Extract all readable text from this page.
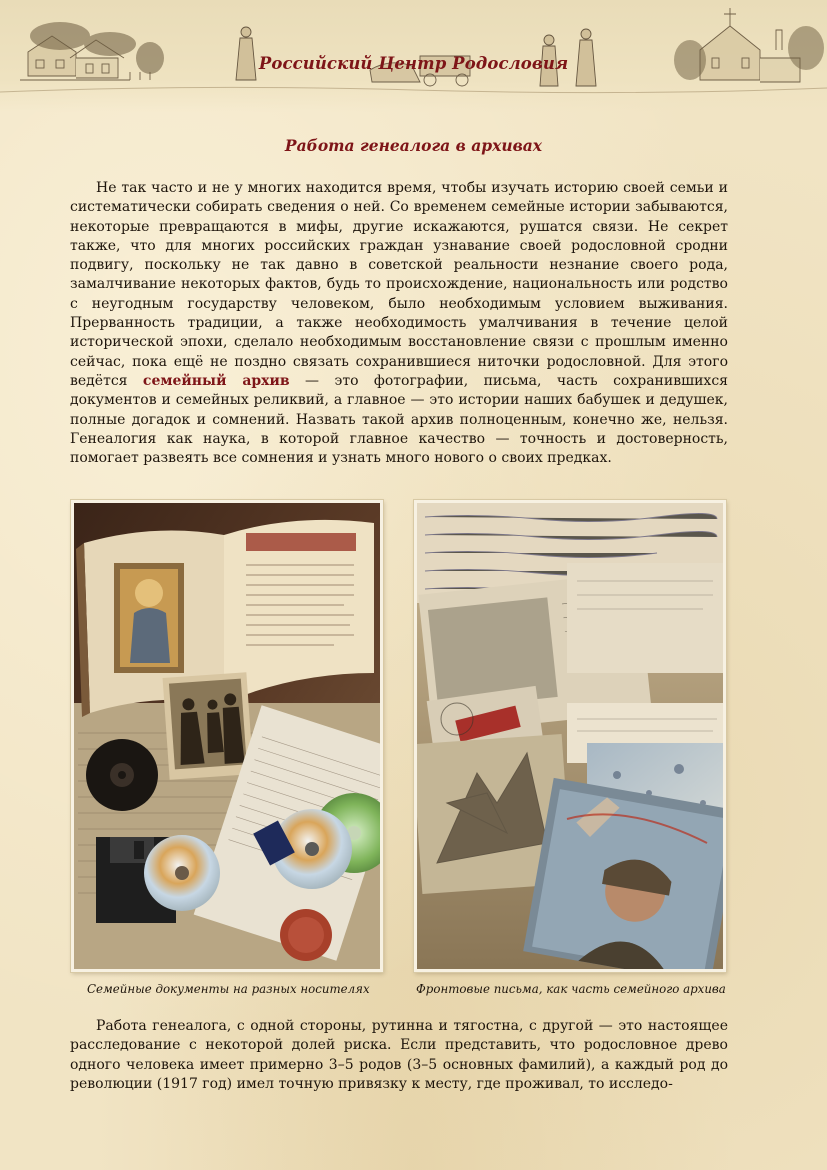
Российский Центр Родословия
Работа генеалога в архивах

Не так часто и не у многих находится время, чтобы изучать историю своей семьи и систематически собирать сведения о ней. Со временем семейные истории забываются, некоторые превращаются в мифы, другие искажаются, рушатся связи. Не секрет также, что для многих российских граждан узнавание своей родословной сродни подвигу, поскольку не так давно в советской реальности незнание своего рода, замалчивание некоторых фактов, будь то происхождение, национальность или родство с неугодным государству человеком, было необходимым условием выживания. Прерванность традиции, а также необходимость умалчивания в течение целой исторической эпохи, сделало необходимым восстановление связи с прошлым именно сейчас, пока ещё не поздно связать сохранившиеся ниточки родословной. Для этого ведётся семейный архив — это фотографии, письма, часть сохранившихся документов и семейных реликвий, а главное — это истории наших бабушек и дедушек, полные догадок и сомнений. Назвать такой архив полноценным, конечно же, нельзя. Генеалогия как наука, в которой главное качество — точность и достоверность, помогает развеять все сомнения и узнать много нового о своих предках.

Семейные документы на разных носителях	Фронтовые письма, как часть семейного архива

Работа генеалога, с одной стороны, рутинна и тягостна, с другой — это настоящее расследование с некоторой долей риска. Если представить, что родословное древо одного человека имеет примерно 3–5 родов (3–5 основных фамилий), а каждый род до революции (1917 год) имел точную привязку к месту, где проживал, то исследо-
